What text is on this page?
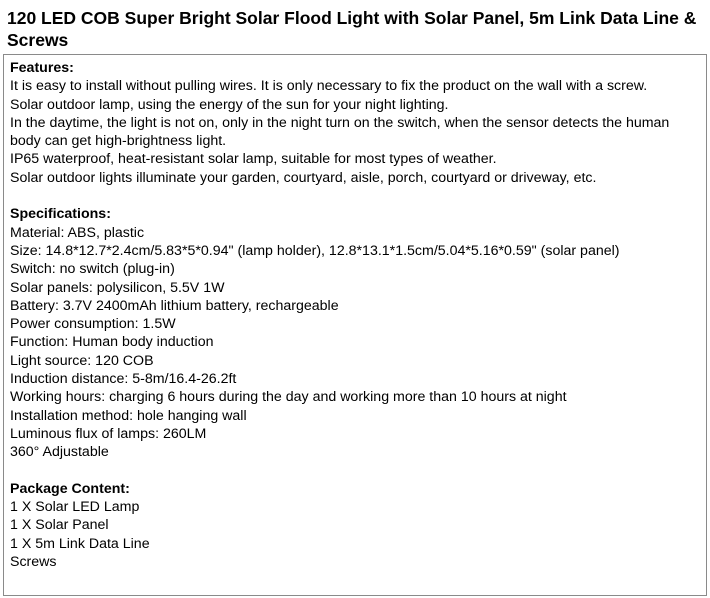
120 LED COB Super Bright Solar Flood Light with Solar Panel, 5m Link Data Line & Screws
Features:
It is easy to install without pulling wires. It is only necessary to fix the product on the wall with a screw.
Solar outdoor lamp, using the energy of the sun for your night lighting.
In the daytime, the light is not on, only in the night turn on the switch, when the sensor detects the human body can get high-brightness light.
IP65 waterproof, heat-resistant solar lamp, suitable for most types of weather.
Solar outdoor lights illuminate your garden, courtyard, aisle, porch, courtyard or driveway, etc.
Specifications:
Material: ABS, plastic
Size: 14.8*12.7*2.4cm/5.83*5*0.94" (lamp holder), 12.8*13.1*1.5cm/5.04*5.16*0.59" (solar panel)
Switch: no switch (plug-in)
Solar panels: polysilicon, 5.5V 1W
Battery: 3.7V 2400mAh lithium battery, rechargeable
Power consumption: 1.5W
Function: Human body induction
Light source: 120 COB
Induction distance: 5-8m/16.4-26.2ft
Working hours: charging 6 hours during the day and working more than 10 hours at night
Installation method: hole hanging wall
Luminous flux of lamps: 260LM
360° Adjustable
Package Content:
1 X Solar LED Lamp
1 X Solar Panel
1 X 5m Link Data Line
Screws
